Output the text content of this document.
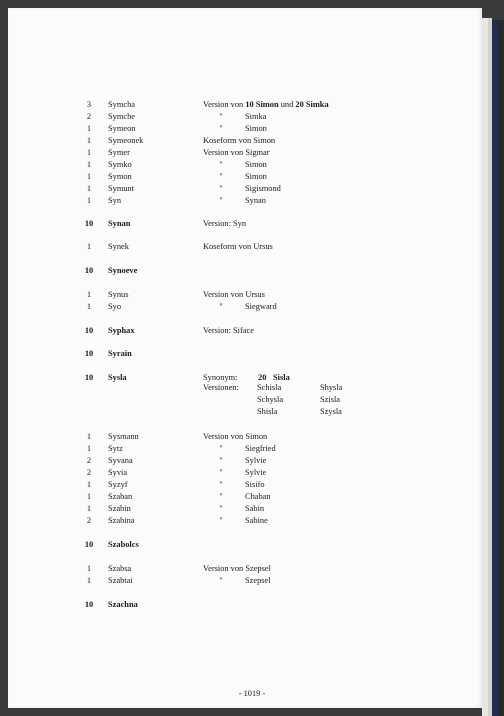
3	Symcha	Version von 10 Simon und 20 Simka
2	Symche	"	Simka
1	Symeon	"	Simon
1	Symeonek	Koseform von Simon
1	Symer	Version von Sigmar
1	Symko	"	Simon
1	Symon	"	Simon
1	Symunt	"	Sigismond
1	Syn	"	Synan
10 Synan	Version: Syn
1	Synek	Koseform von Ursus
10 Synoeve
1	Synus	Version von Ursus
1	Syo	"	Siegward
10 Syphax	Version: Siface
10 Syrain
10 Sysla	Synonym: 20 Sisla
Versionen: Schisla	Shysla
Schysla	Szisla
Shisla	Szysla
1	Sysmann	Version von Simon
1	Sytz	"	Siegfried
2	Syvana	"	Sylvie
2	Syvia	"	Sylvie
1	Syzyf	"	Sisifo
1	Szaban	"	Chaban
1	Szabin	"	Sabin
2	Szabina	"	Sabine
10 Szabolcs
1	Szabsa	Version von Szepsel
1	Szabtai	"	Szepsel
10 Szachna
- 1019 -
